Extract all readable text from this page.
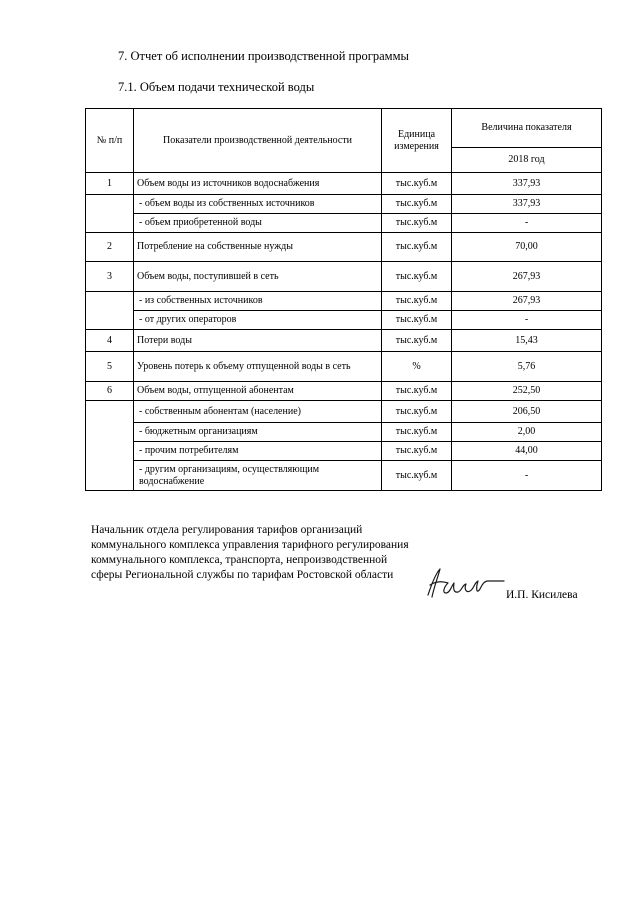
7. Отчет об исполнении производственной программы
7.1. Объем подачи технической воды
№ п/п	Показатели производственной деятельности	Единица измерения	Величина показателя
			2018 год
1	Объем воды из источников водоснабжения	тыс.куб.м	337,93
	- объем воды из собственных источников	тыс.куб.м	337,93
	- объем приобретенной воды	тыс.куб.м	-
2	Потребление на собственные нужды	тыс.куб.м	70,00
3	Объем воды, поступившей в сеть	тыс.куб.м	267,93
	- из собственных источников	тыс.куб.м	267,93
	- от других операторов	тыс.куб.м	-
4	Потери воды	тыс.куб.м	15,43
5	Уровень потерь к объему отпущенной воды в сеть	%	5,76
6	Объем воды, отпущенной абонентам	тыс.куб.м	252,50
	- собственным абонентам (население)	тыс.куб.м	206,50
	- бюджетным организациям	тыс.куб.м	2,00
	- прочим потребителям	тыс.куб.м	44,00
	- другим организациям, осуществляющим водоснабжение	тыс.куб.м	-
Начальник отдела регулирования тарифов организаций коммунального комплекса управления тарифного регулирования коммунального комплекса, транспорта, непроизводственной сферы Региональной службы по тарифам Ростовской области
И.П. Кисилева
